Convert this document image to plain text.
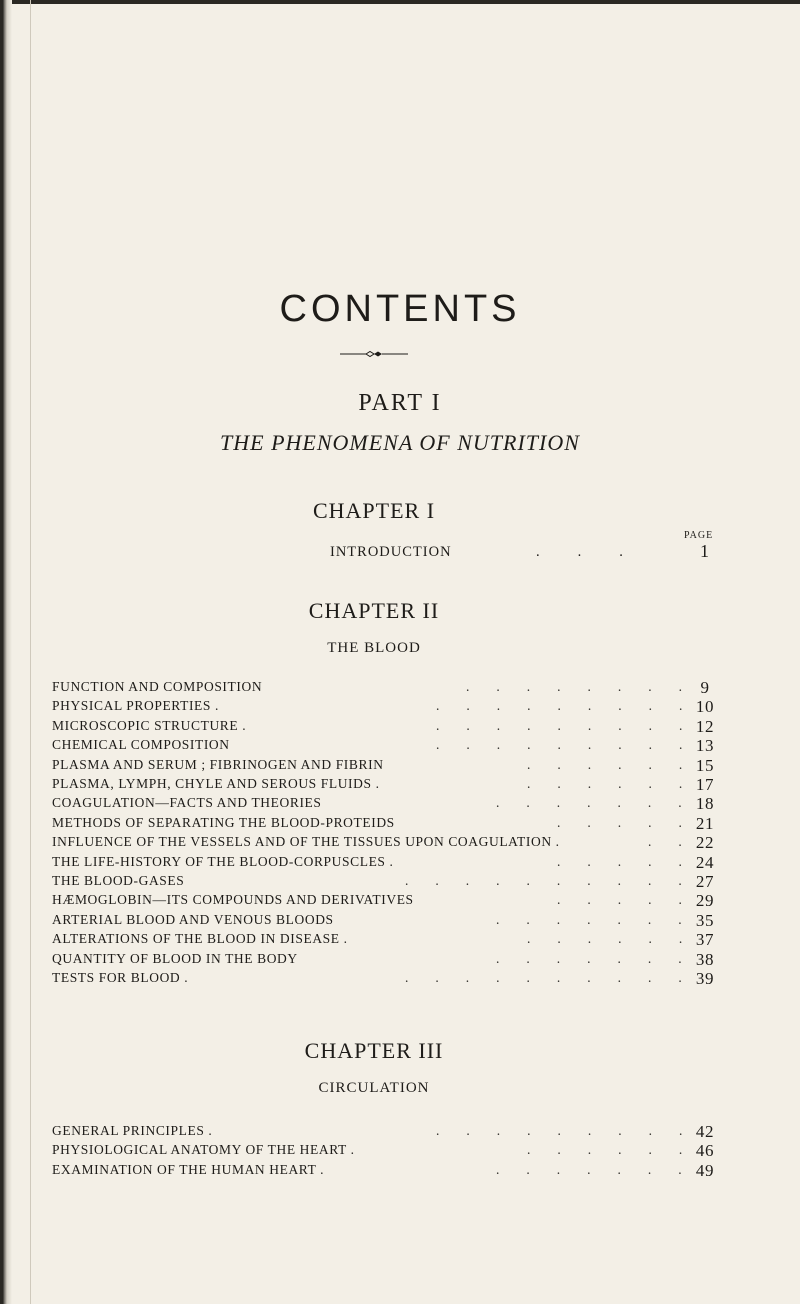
CONTENTS
PART I
THE PHENOMENA OF NUTRITION
CHAPTER I
PAGE
INTRODUCTION	.        .        .	1
CHAPTER II
THE BLOOD
FUNCTION AND COMPOSITION	.        .        .        .        .        .        .        .	9
PHYSICAL PROPERTIES .	.        .        .        .        .        .        .        .        . 10
MICROSCOPIC STRUCTURE .	.        .        .        .        .        .        .        .        . 12
CHEMICAL COMPOSITION	.        .        .        .        .        .        .        .        . 13
PLASMA AND SERUM ; FIBRINOGEN AND FIBRIN	.        .        .        .        .        . 15
PLASMA, LYMPH, CHYLE AND SEROUS FLUIDS .	.        .        .        .        .        . 17
COAGULATION—FACTS AND THEORIES	.        .        .        .        .        .        . 18
METHODS OF SEPARATING THE BLOOD-PROTEIDS	.        .        .        .        . 21
INFLUENCE OF THE VESSELS AND OF THE TISSUES UPON COAGULATION .	.        . 22
THE LIFE-HISTORY OF THE BLOOD-CORPUSCLES .	.        .        .        .        . 24
THE BLOOD-GASES	.        .        .        .        .        .        .        .        .        . 27
HÆMOGLOBIN—ITS COMPOUNDS AND DERIVATIVES	.        .        .        .        . 29
ARTERIAL BLOOD AND VENOUS BLOODS	.        .        .        .        .        .        . 35
ALTERATIONS OF THE BLOOD IN DISEASE .	.        .        .        .        .        . 37
QUANTITY OF BLOOD IN THE BODY	.        .        .        .        .        .        . 38
TESTS FOR BLOOD .	.        .        .        .        .        .        .        .        .        . 39
CHAPTER III
CIRCULATION
GENERAL PRINCIPLES .	.        .        .        .        .        .        .        .        . 42
PHYSIOLOGICAL ANATOMY OF THE HEART .	.        .        .        .        .        . 46
EXAMINATION OF THE HUMAN HEART .	.        .        .        .        .        .        . 49
